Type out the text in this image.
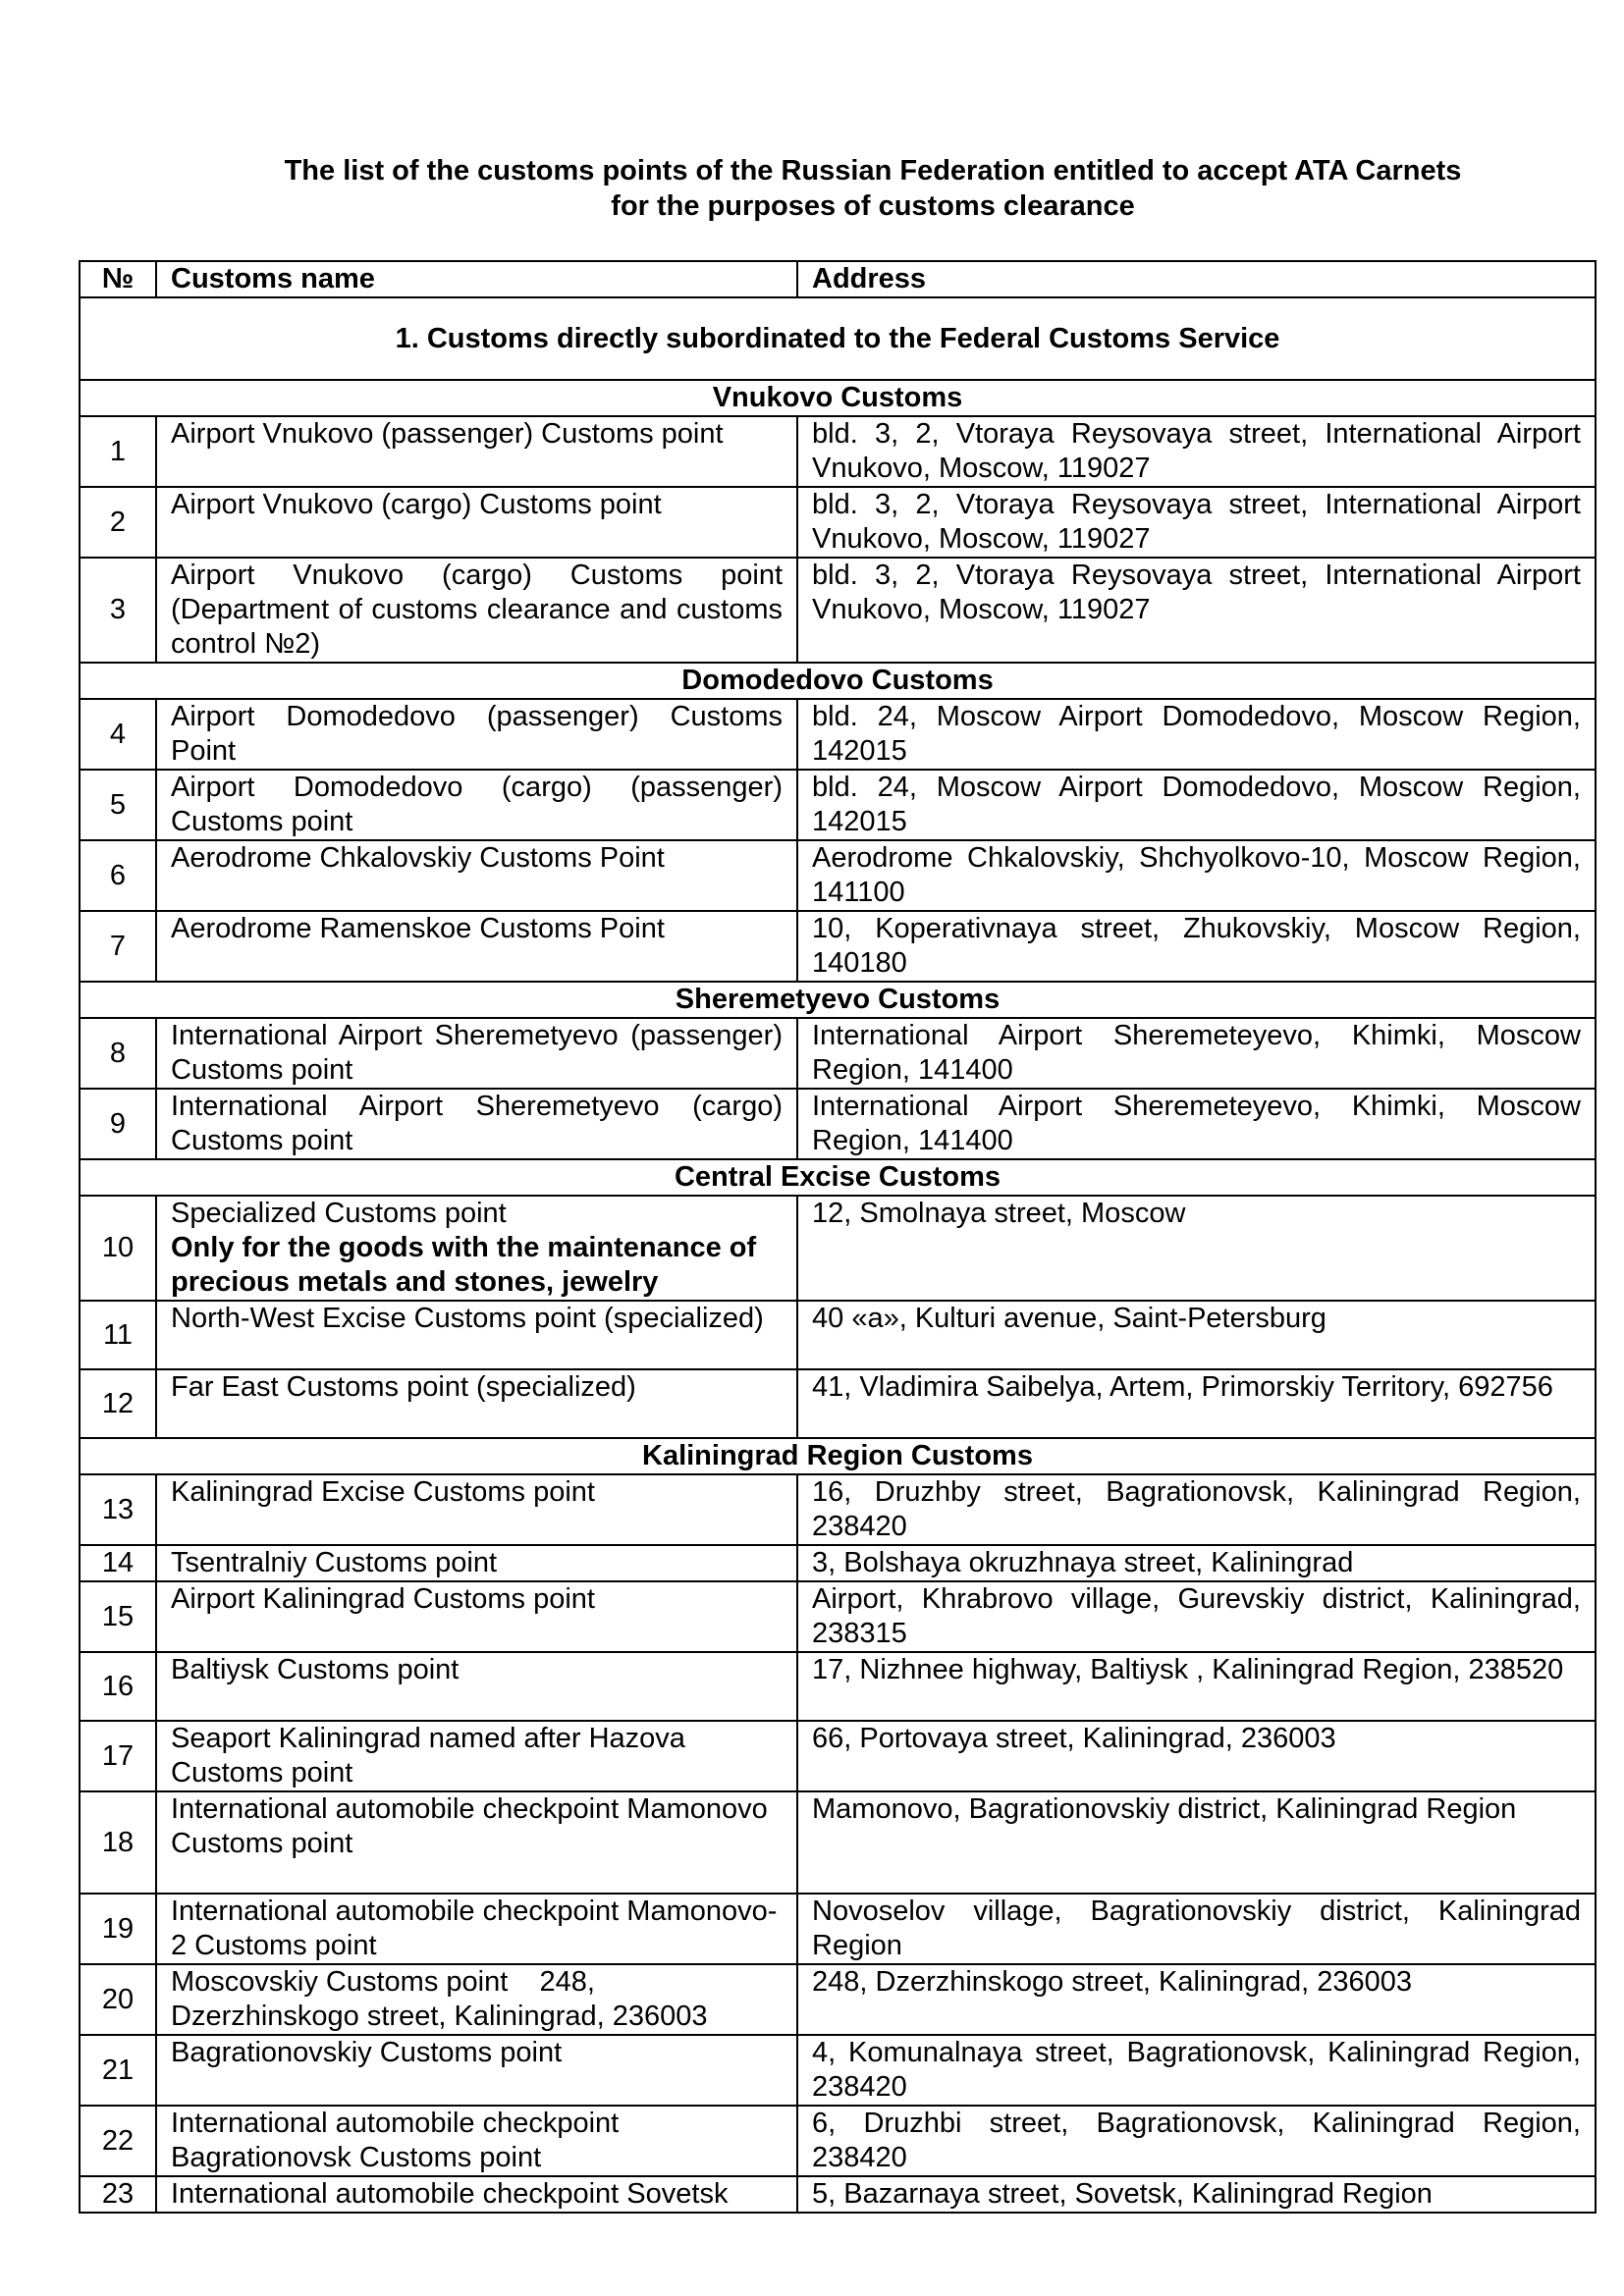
The list of the customs points of the Russian Federation entitled to accept ATA Carnets
for the purposes of customs clearance
№	Customs name	Address
1. Customs directly subordinated to the Federal Customs Service		
Vnukovo Customs		
1	Airport Vnukovo (passenger) Customs point	bld. 3, 2, Vtoraya Reysovaya street, International Airport Vnukovo, Moscow, 119027
2	Airport Vnukovo (cargo) Customs point	bld. 3, 2, Vtoraya Reysovaya street, International Airport Vnukovo, Moscow, 119027
3	Airport Vnukovo (cargo) Customs point (Department of customs clearance and customs control №2)	bld. 3, 2, Vtoraya Reysovaya street, International Airport Vnukovo, Moscow, 119027
Domodedovo Customs		
4	Airport Domodedovo (passenger) Customs Point	bld. 24, Moscow Airport Domodedovo, Moscow Region, 142015
5	Airport Domodedovo (cargo) (passenger) Customs point	bld. 24, Moscow Airport Domodedovo, Moscow Region, 142015
6	Aerodrome Chkalovskiy Customs Point	Aerodrome Chkalovskiy, Shchyolkovo-10, Moscow Region, 141100
7	Aerodrome Ramenskoe Customs Point	10, Koperativnaya street, Zhukovskiy, Moscow Region, 140180
Sheremetyevo Customs		
8	International Airport Sheremetyevo (passenger) Customs point	International Airport Sheremeteyevo, Khimki, Moscow Region, 141400
9	International Airport Sheremetyevo (cargo) Customs point	International Airport Sheremeteyevo, Khimki, Moscow Region, 141400
Central Excise Customs		
10	Specialized Customs point
Only for the goods with the maintenance of precious metals and stones, jewelry	12, Smolnaya street, Moscow
11	North-West Excise Customs point (specialized)	40 «a», Kulturi avenue, Saint-Petersburg
12	Far East Customs point (specialized)	41, Vladimira Saibelya, Artem, Primorskiy Territory, 692756
Kaliningrad Region Customs		
13	Kaliningrad Excise Customs point	16, Druzhby street, Bagrationovsk, Kaliningrad Region, 238420
14	Tsentralniy Customs point	3, Bolshaya okruzhnaya street, Kaliningrad
15	Airport Kaliningrad Customs point	Airport, Khrabrovo village, Gurevskiy district, Kaliningrad, 238315
16	Baltiysk Customs point	17, Nizhnee highway, Baltiysk , Kaliningrad Region, 238520
17	Seaport Kaliningrad named after Hazova Customs point	66, Portovaya street, Kaliningrad, 236003
18	International automobile checkpoint Mamonovo Customs point	Mamonovo, Bagrationovskiy district, Kaliningrad Region
19	International automobile checkpoint Mamonovo-2 Customs point	Novoselov village, Bagrationovskiy district, Kaliningrad Region
20	Moscovskiy Customs point    248, Dzerzhinskogo street, Kaliningrad, 236003	248, Dzerzhinskogo street, Kaliningrad, 236003
21	Bagrationovskiy Customs point	4, Komunalnaya street, Bagrationovsk, Kaliningrad Region, 238420
22	International automobile checkpoint Bagrationovsk Customs point	6, Druzhbi street, Bagrationovsk, Kaliningrad Region, 238420
23	International automobile checkpoint Sovetsk	5, Bazarnaya street, Sovetsk, Kaliningrad Region
